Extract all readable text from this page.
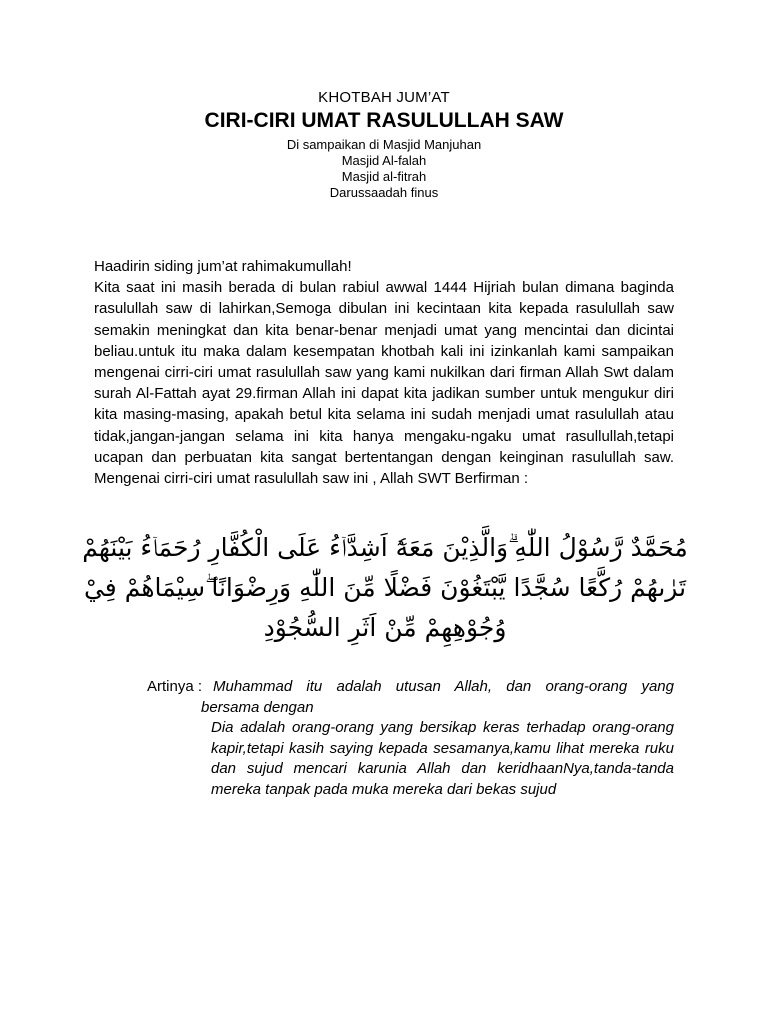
KHOTBAH JUM’AT
CIRI-CIRI UMAT RASULULLAH SAW
Di sampaikan di Masjid Manjuhan
Masjid Al-falah
Masjid al-fitrah
Darussaadah finus

Haadirin siding jum’at rahimakumullah!

Kita saat ini masih berada di bulan rabiul awwal 1444 Hijriah bulan dimana baginda rasulullah saw di lahirkan,Semoga dibulan ini kecintaan kita kepada rasulullah saw semakin meningkat dan kita benar-benar menjadi umat yang mencintai dan dicintai beliau.untuk itu maka dalam kesempatan khotbah kali ini izinkanlah kami sampaikan mengenai cirri-ciri umat rasulullah saw yang kami nukilkan dari firman Allah Swt dalam surah Al-Fattah ayat 29.firman Allah ini dapat kita jadikan sumber untuk mengukur diri kita masing-masing, apakah betul kita selama ini sudah menjadi umat rasulullah atau tidak,jangan-jangan selama ini kita hanya mengaku-ngaku umat rasullullah,tetapi ucapan dan perbuatan kita sangat bertentangan dengan keinginan rasulullah saw. Mengenai cirri-ciri umat rasulullah saw ini , Allah SWT Berfirman :

مُحَمَّدٌ رَّسُوْلُ اللّٰهِ ۗوَالَّذِيْنَ مَعَهٗٓ اَشِدَّاۤءُ عَلَى الْكُفَّارِ رُحَمَاۤءُ بَيْنَهُمْ تَرٰىهُمْ رُكَّعًا سُجَّدًا يَّبْتَغُوْنَ فَضْلًا مِّنَ اللّٰهِ وَرِضْوَانًا ۖسِيْمَاهُمْ فِيْ وُجُوْهِهِمْ مِّنْ اَثَرِ السُّجُوْدِ
Artinya : Muhammad itu adalah utusan Allah, dan orang-orang yang
bersama dengan
Dia adalah orang-orang yang bersikap keras terhadap orang-orang kapir,tetapi kasih saying kepada sesamanya,kamu lihat mereka ruku dan sujud mencari karunia Allah dan keridhaanNya,tanda-tanda mereka tanpak pada muka mereka dari bekas sujud
